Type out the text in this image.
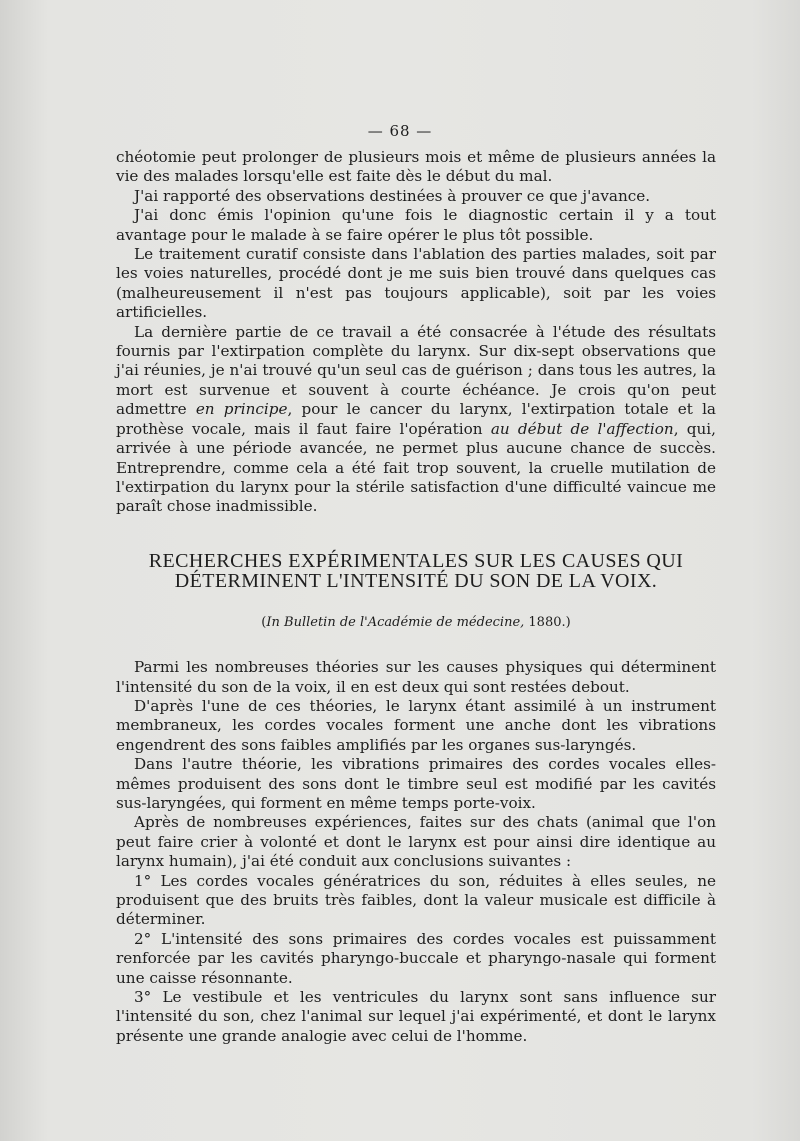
— 68 —

chéotomie peut prolonger de plusieurs mois et même de plusieurs années la vie des malades lorsqu'elle est faite dès le début du mal.

J'ai rapporté des observations destinées à prouver ce que j'avance.

J'ai donc émis l'opinion qu'une fois le diagnostic certain il y a tout avantage pour le malade à se faire opérer le plus tôt possible.

Le traitement curatif consiste dans l'ablation des parties malades, soit par les voies naturelles, procédé dont je me suis bien trouvé dans quelques cas (malheureusement il n'est pas toujours applicable), soit par les voies artificielles.

La dernière partie de ce travail a été consacrée à l'étude des résultats fournis par l'extirpation complète du larynx. Sur dix-sept observations que j'ai réunies, je n'ai trouvé qu'un seul cas de guérison ; dans tous les autres, la mort est survenue et souvent à courte échéance. Je crois qu'on peut admettre en principe, pour le cancer du larynx, l'extirpation totale et la prothèse vocale, mais il faut faire l'opération au début de l'affection, qui, arrivée à une période avancée, ne permet plus aucune chance de succès. Entreprendre, comme cela a été fait trop souvent, la cruelle mutilation de l'extirpation du larynx pour la stérile satisfaction d'une difficulté vaincue me paraît chose inadmissible.

RECHERCHES EXPÉRIMENTALES SUR LES CAUSES QUI
DÉTERMINENT L'INTENSITÉ DU SON DE LA VOIX.
(In Bulletin de l'Académie de médecine, 1880.)

Parmi les nombreuses théories sur les causes physiques qui déterminent l'intensité du son de la voix, il en est deux qui sont restées debout.

D'après l'une de ces théories, le larynx étant assimilé à un instrument membraneux, les cordes vocales forment une anche dont les vibrations engendrent des sons faibles amplifiés par les organes sus-laryngés.

Dans l'autre théorie, les vibrations primaires des cordes vocales elles-mêmes produisent des sons dont le timbre seul est modifié par les cavités sus-laryngées, qui forment en même temps porte-voix.

Après de nombreuses expériences, faites sur des chats (animal que l'on peut faire crier à volonté et dont le larynx est pour ainsi dire identique au larynx humain), j'ai été conduit aux conclusions suivantes :

1° Les cordes vocales génératrices du son, réduites à elles seules, ne produisent que des bruits très faibles, dont la valeur musicale est difficile à déterminer.

2° L'intensité des sons primaires des cordes vocales est puissamment renforcée par les cavités pharyngo-buccale et pharyngo-nasale qui forment une caisse résonnante.

3° Le vestibule et les ventricules du larynx sont sans influence sur l'intensité du son, chez l'animal sur lequel j'ai expérimenté, et dont le larynx présente une grande analogie avec celui de l'homme.
